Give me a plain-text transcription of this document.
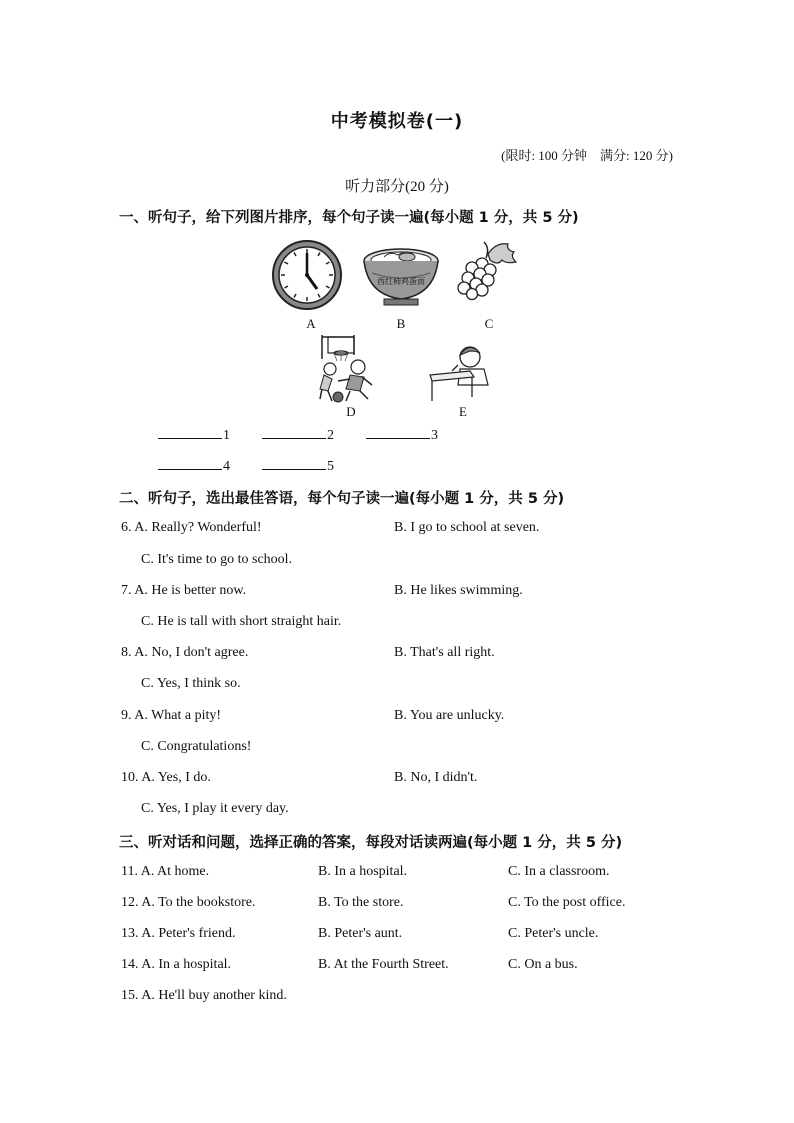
中考模拟卷(一)
(限时: 100 分钟　满分: 120 分)
听力部分(20 分)
一、听句子，给下列图片排序，每个句子读一遍(每小题 1 分，共 5 分)
A
西红柿鸡蛋面
B	C
D	E
1	2	3
4	5
二、听句子，选出最佳答语，每个句子读一遍(每小题 1 分，共 5 分)
6. A. Really? Wonderful!	B. I go to school at seven.
C. It's time to go to school.
7. A. He is better now.	B. He likes swimming.
C. He is tall with short straight hair.
8. A. No, I don't agree.	B. That's all right.
C. Yes, I think so.
9. A. What a pity!	B. You are unlucky.
C. Congratulations!
10. A. Yes, I do.	B. No, I didn't.
C. Yes, I play it every day.
三、听对话和问题，选择正确的答案，每段对话读两遍(每小题 1 分，共 5 分)
11. A. At home.	B. In a hospital.	C. In a classroom.
12. A. To the bookstore.	B. To the store.	C. To the post office.
13. A. Peter's friend.	B. Peter's aunt.	C. Peter's uncle.
14. A. In a hospital.	B. At the Fourth Street.	C. On a bus.
15. A. He'll buy another kind.
